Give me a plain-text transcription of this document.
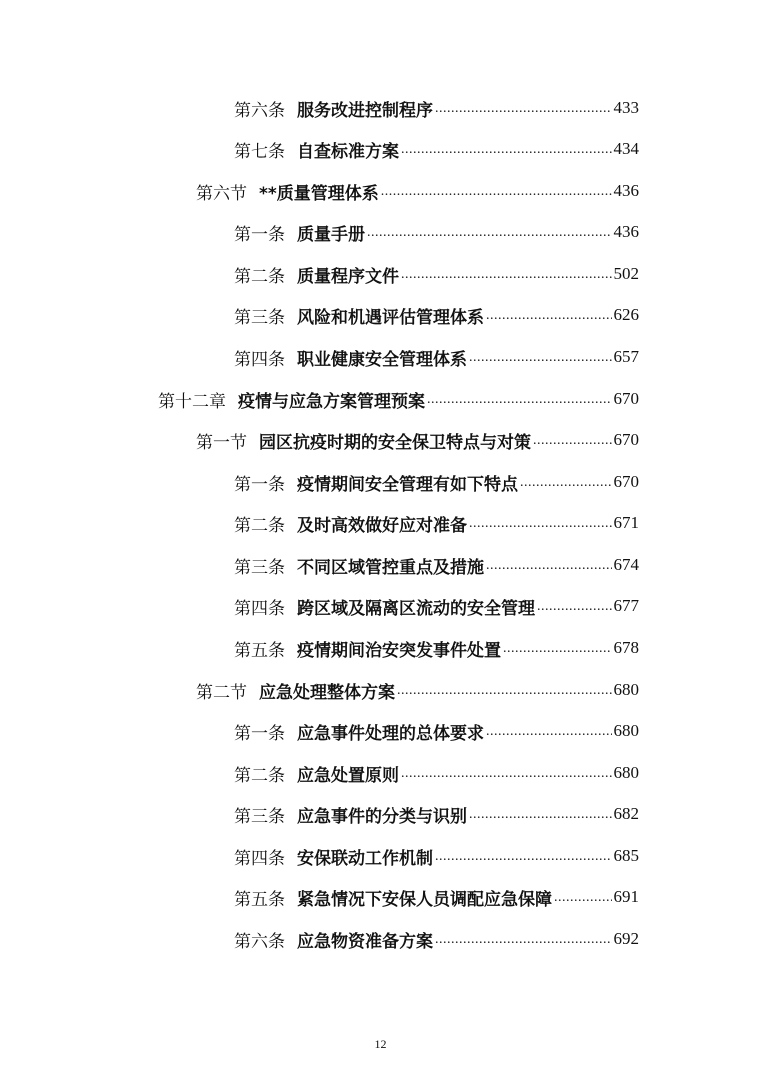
第六条 服务改进控制程序 .....	433
第七条 自查标准方案 .....	434
第六节 **质量管理体系 .....	436
第一条 质量手册 .....	436
第二条 质量程序文件 .....	502
第三条 风险和机遇评估管理体系 .....	626
第四条 职业健康安全管理体系 .....	657
第十二章 疫情与应急方案管理预案 .....	670
第一节 园区抗疫时期的安全保卫特点与对策 .....	670
第一条 疫情期间安全管理有如下特点 .....	670
第二条 及时高效做好应对准备 .....	671
第三条 不同区域管控重点及措施 .....	674
第四条 跨区域及隔离区流动的安全管理 .....	677
第五条 疫情期间治安突发事件处置 .....	678
第二节 应急处理整体方案 .....	680
第一条 应急事件处理的总体要求 .....	680
第二条 应急处置原则 .....	680
第三条 应急事件的分类与识别 .....	682
第四条 安保联动工作机制 .....	685
第五条 紧急情况下安保人员调配应急保障 .....	691
第六条 应急物资准备方案 .....	692
12
